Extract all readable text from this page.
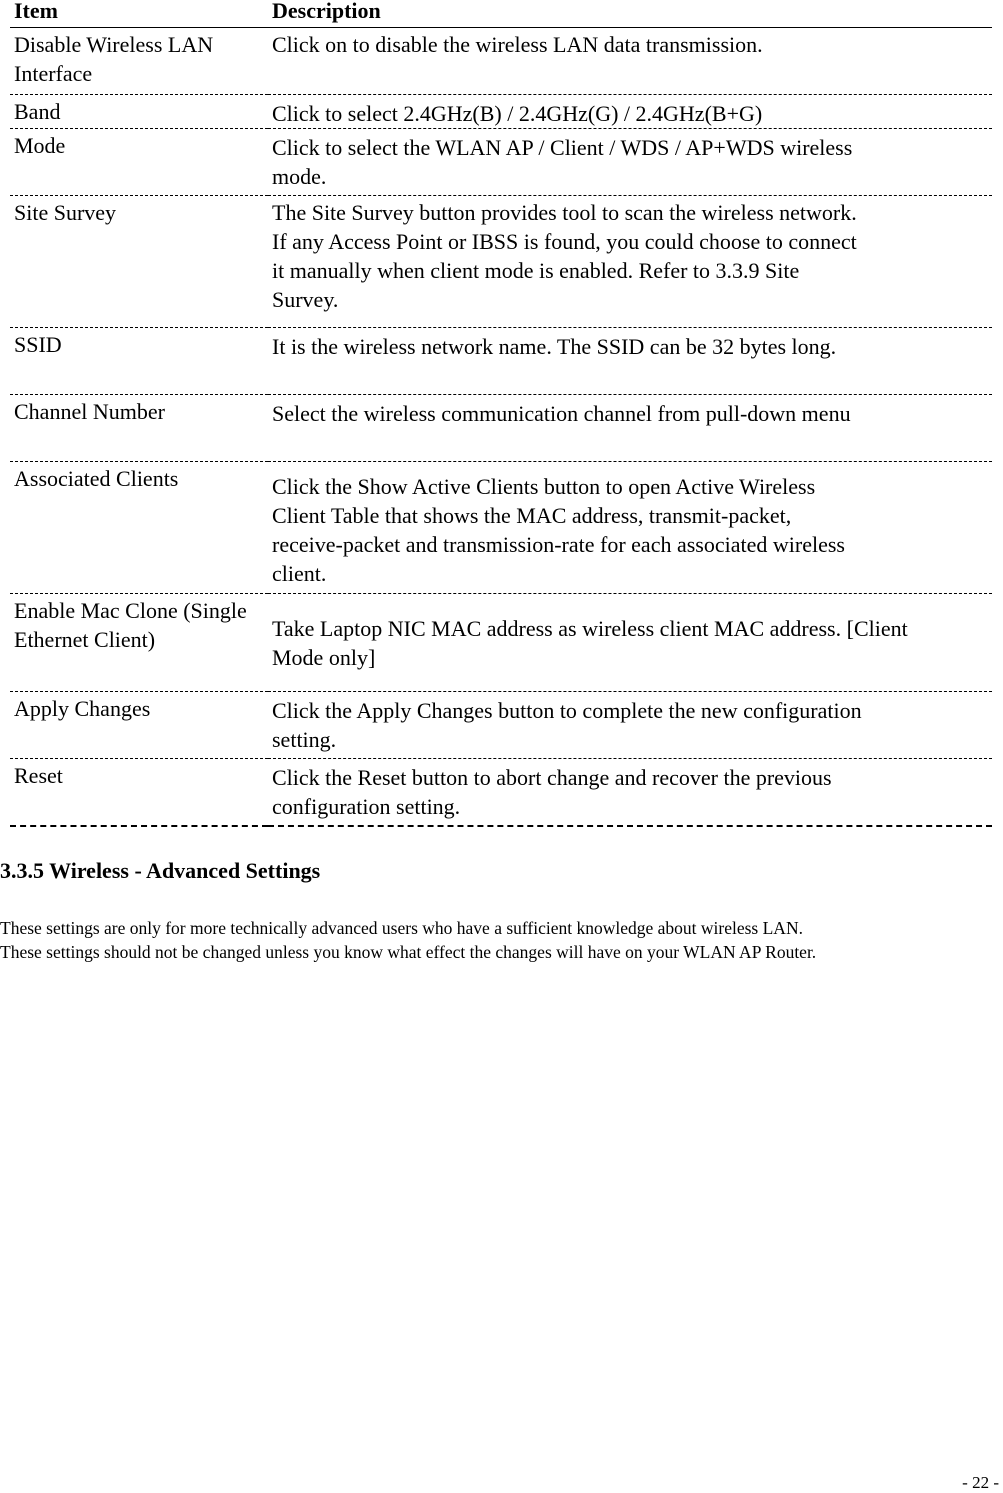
Item	Description
Disable Wireless LAN Interface	Click on to disable the wireless LAN data transmission.

Band	Click to select 2.4GHz(B) / 2.4GHz(G) / 2.4GHz(B+G)

Mode	Click to select the WLAN AP / Client / WDS / AP+WDS wireless mode.

Site Survey	The Site Survey button provides tool to scan the wireless network. If any Access Point or IBSS is found, you could choose to connect it manually when client mode is enabled. Refer to 3.3.9 Site Survey.

SSID	It is the wireless network name. The SSID can be 32 bytes long.

Channel Number	Select the wireless communication channel from pull-down menu

Associated Clients	Click the Show Active Clients button to open Active Wireless Client Table that shows the MAC address, transmit-packet, receive-packet and transmission-rate for each associated wireless client.

Enable Mac Clone (Single Ethernet Client)	Take Laptop NIC MAC address as wireless client MAC address. [Client Mode only]

Apply Changes	Click the Apply Changes button to complete the new configuration setting.

Reset	Click the Reset button to abort change and recover the previous configuration setting.
3.3.5 Wireless - Advanced Settings
These settings are only for more technically advanced users who have a sufficient knowledge about wireless LAN.
These settings should not be changed unless you know what effect the changes will have on your WLAN AP Router.
- 22 -
